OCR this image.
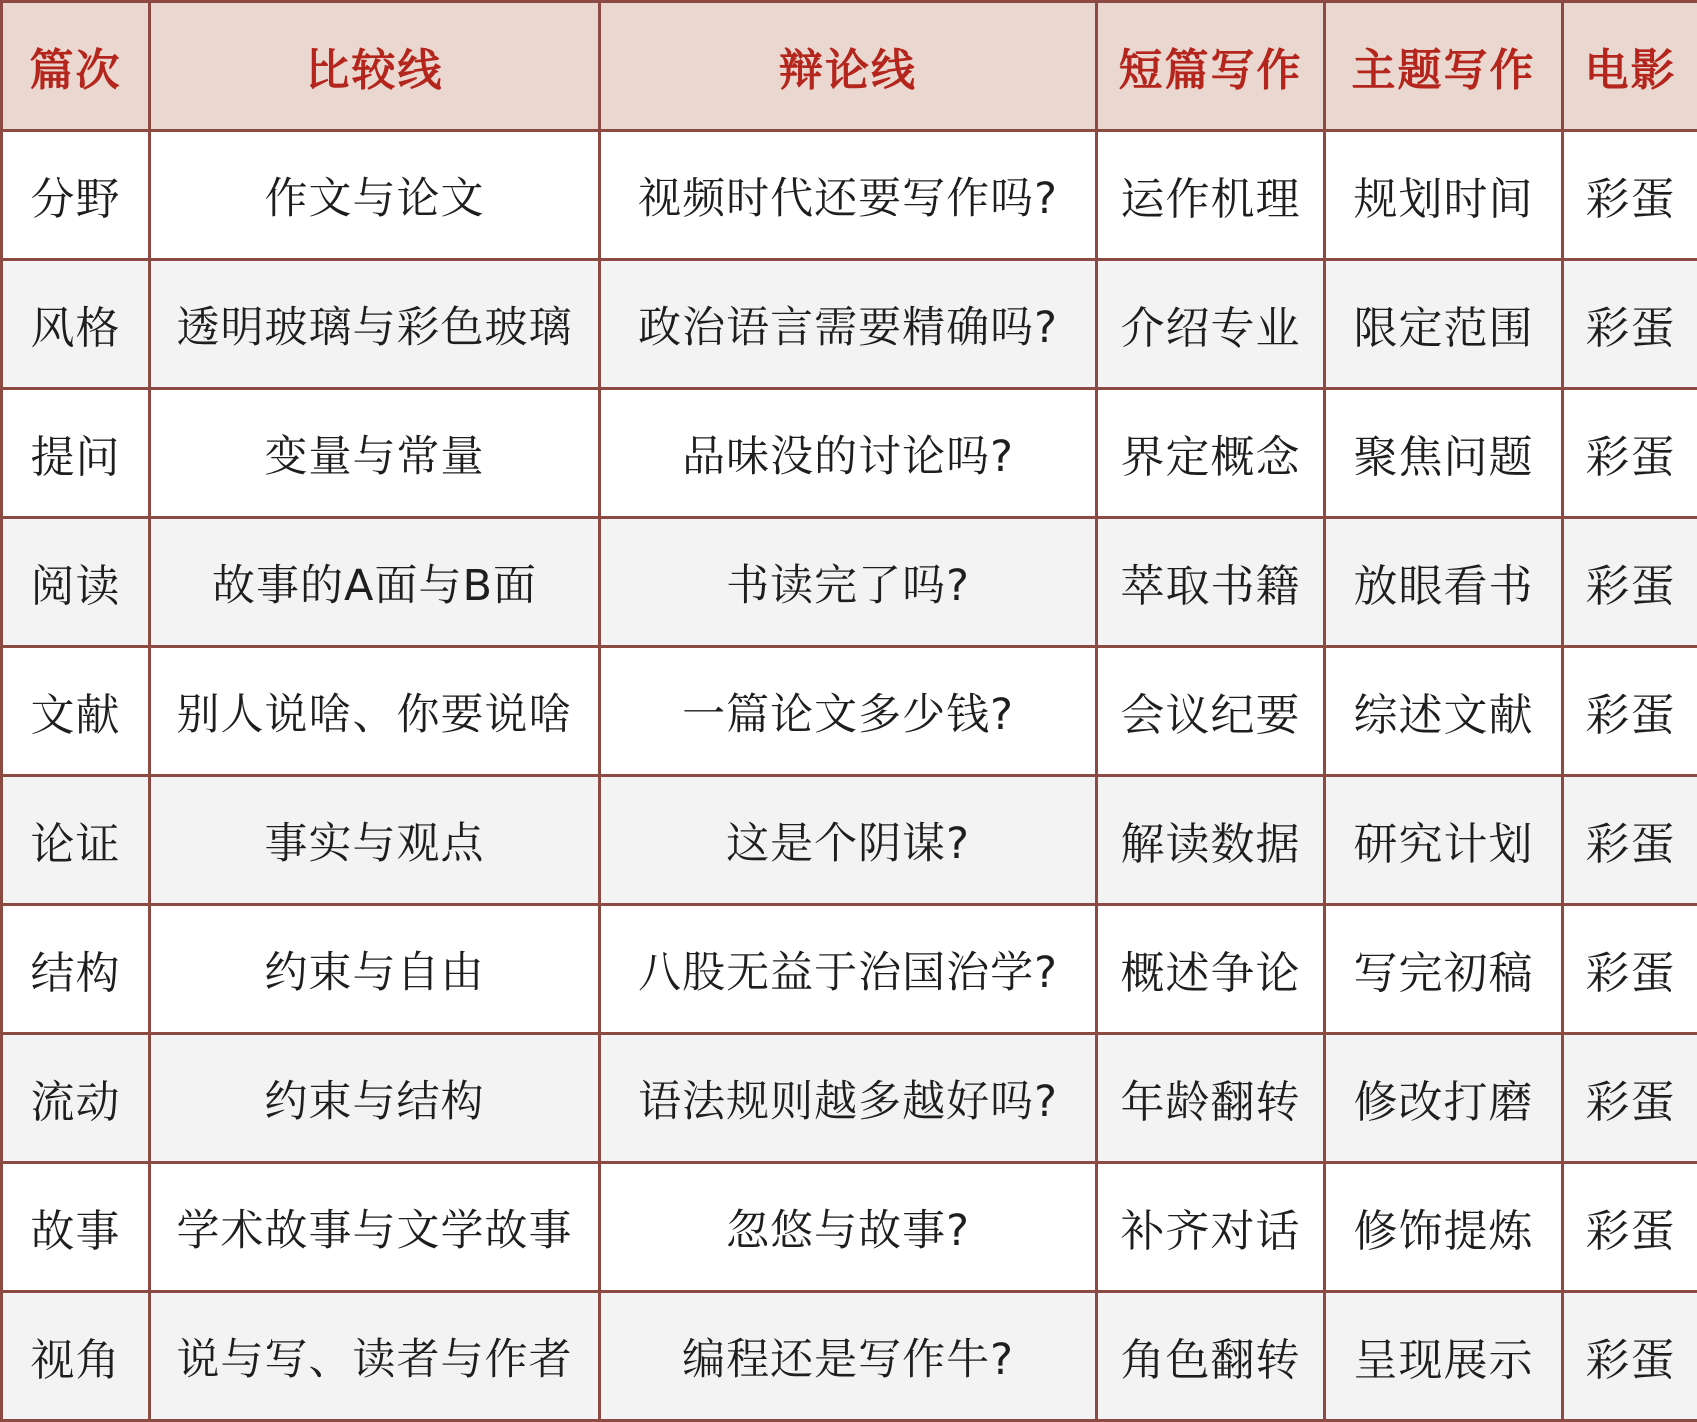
篇次	比较线	辩论线	短篇写作	主题写作	电影
分野	作文与论文	视频时代还要写作吗?	运作机理	规划时间	彩蛋
风格	透明玻璃与彩色玻璃	政治语言需要精确吗?	介绍专业	限定范围	彩蛋
提问	变量与常量	品味没的讨论吗?	界定概念	聚焦问题	彩蛋
阅读	故事的A面与B面	书读完了吗?	萃取书籍	放眼看书	彩蛋
文献	别人说啥、你要说啥	一篇论文多少钱?	会议纪要	综述文献	彩蛋
论证	事实与观点	这是个阴谋?	解读数据	研究计划	彩蛋
结构	约束与自由	八股无益于治国治学?	概述争论	写完初稿	彩蛋
流动	约束与结构	语法规则越多越好吗?	年龄翻转	修改打磨	彩蛋
故事	学术故事与文学故事	忽悠与故事?	补齐对话	修饰提炼	彩蛋
视角	说与写、读者与作者	编程还是写作牛?	角色翻转	呈现展示	彩蛋
